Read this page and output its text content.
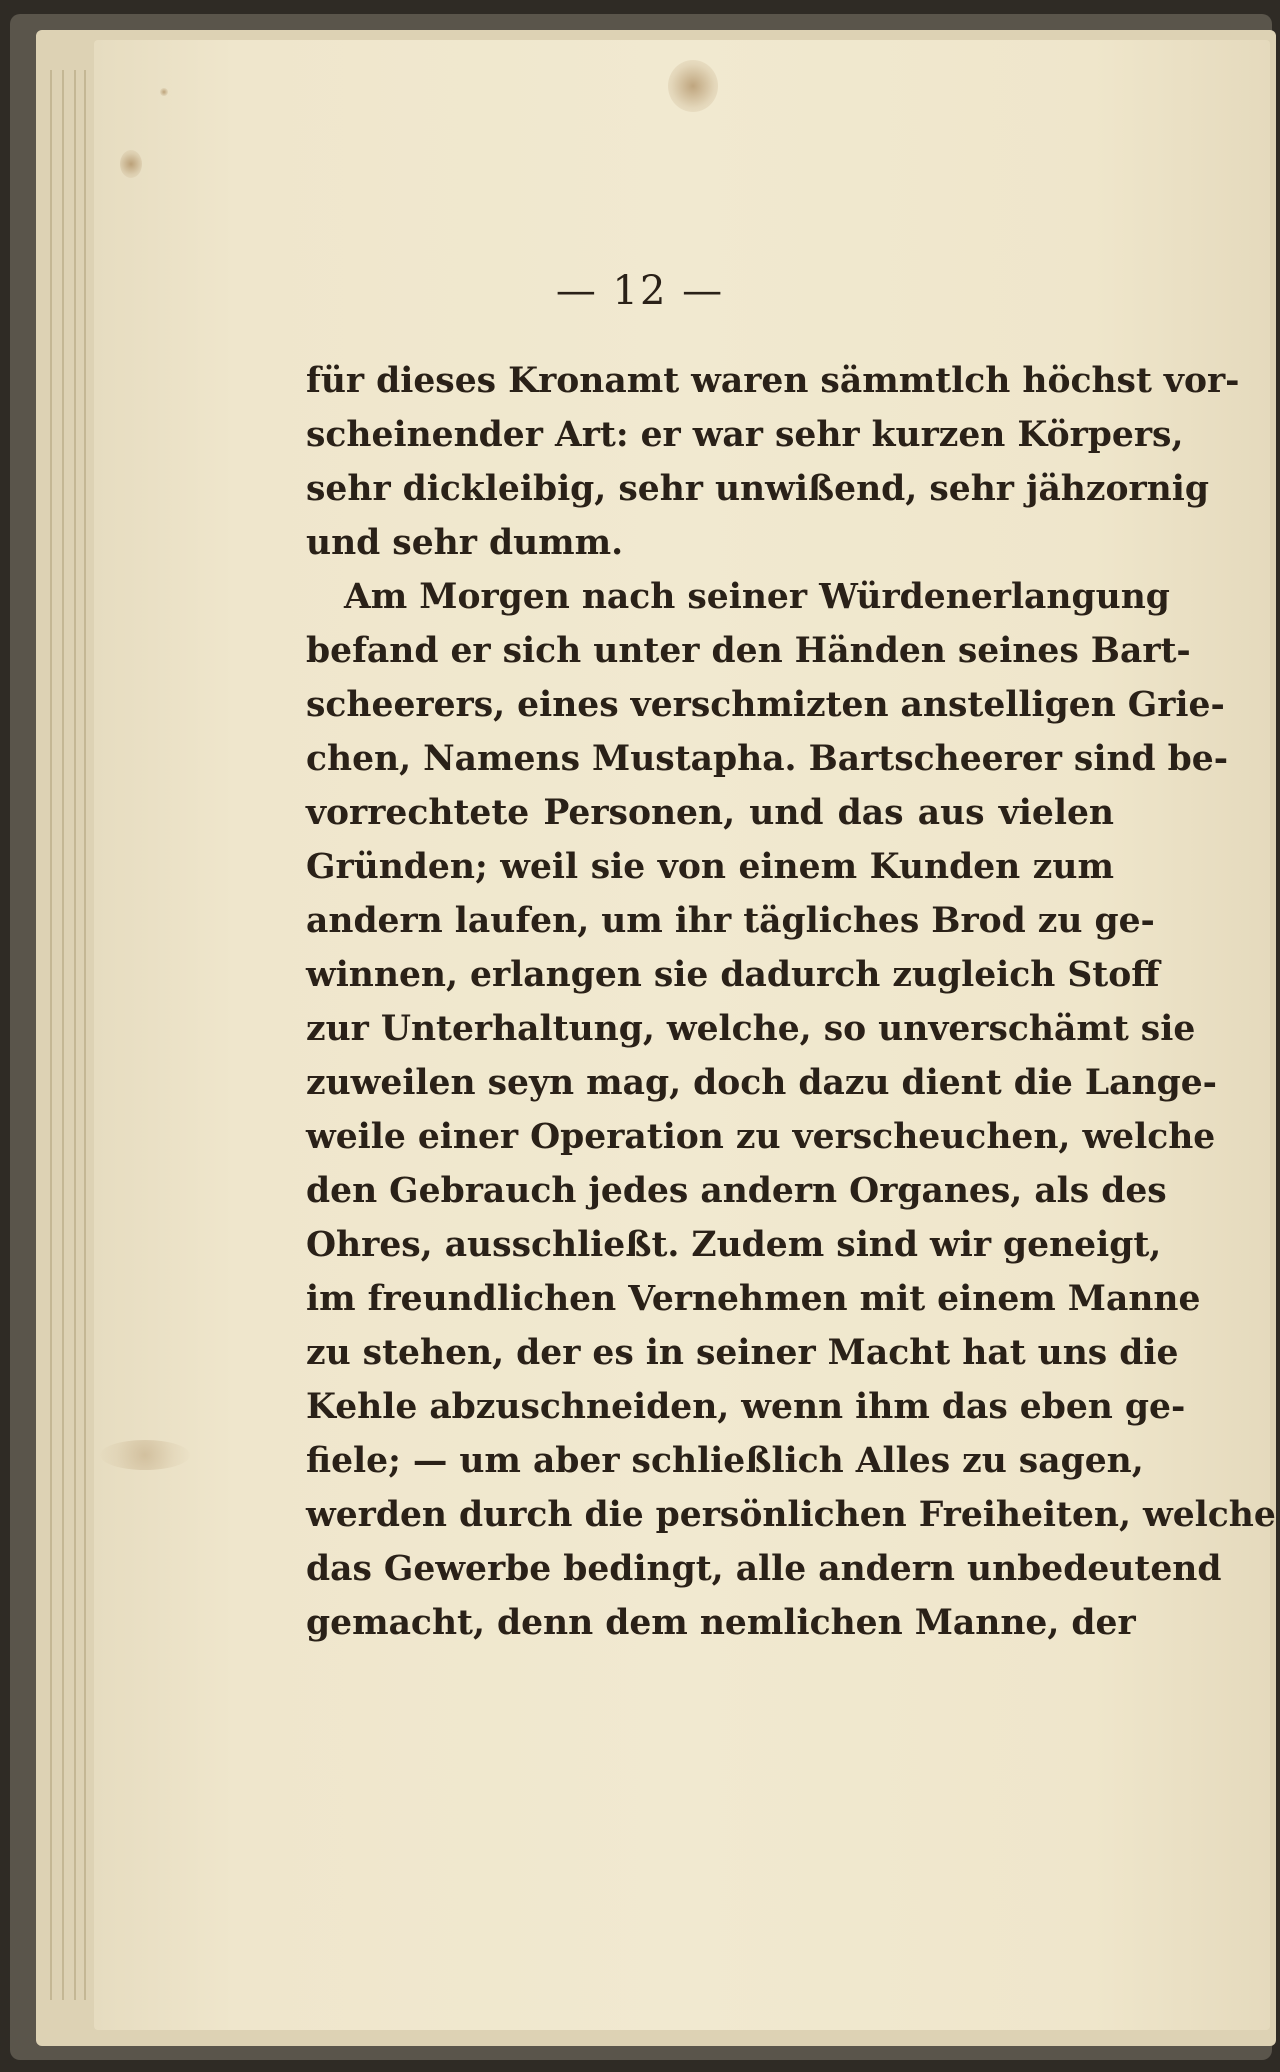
— 12 —
für dieses Kronamt waren sämmtlch höchst vor-
scheinender Art: er war sehr kurzen Körpers,
sehr dickleibig, sehr unwißend, sehr jähzornig
und sehr dumm.
Am Morgen nach seiner Würdenerlangung
befand er sich unter den Händen seines Bart-
scheerers, eines verschmizten anstelligen Grie-
chen, Namens Mustapha. Bartscheerer sind be-
vorrechtete Personen, und das aus vielen
Gründen; weil sie von einem Kunden zum
andern laufen, um ihr tägliches Brod zu ge-
winnen, erlangen sie dadurch zugleich Stoff
zur Unterhaltung, welche, so unverschämt sie
zuweilen seyn mag, doch dazu dient die Lange-
weile einer Operation zu verscheuchen, welche
den Gebrauch jedes andern Organes, als des
Ohres, ausschließt. Zudem sind wir geneigt,
im freundlichen Vernehmen mit einem Manne
zu stehen, der es in seiner Macht hat uns die
Kehle abzuschneiden, wenn ihm das eben ge-
fiele; — um aber schließlich Alles zu sagen,
werden durch die persönlichen Freiheiten, welche
das Gewerbe bedingt, alle andern unbedeutend
gemacht, denn dem nemlichen Manne, der
